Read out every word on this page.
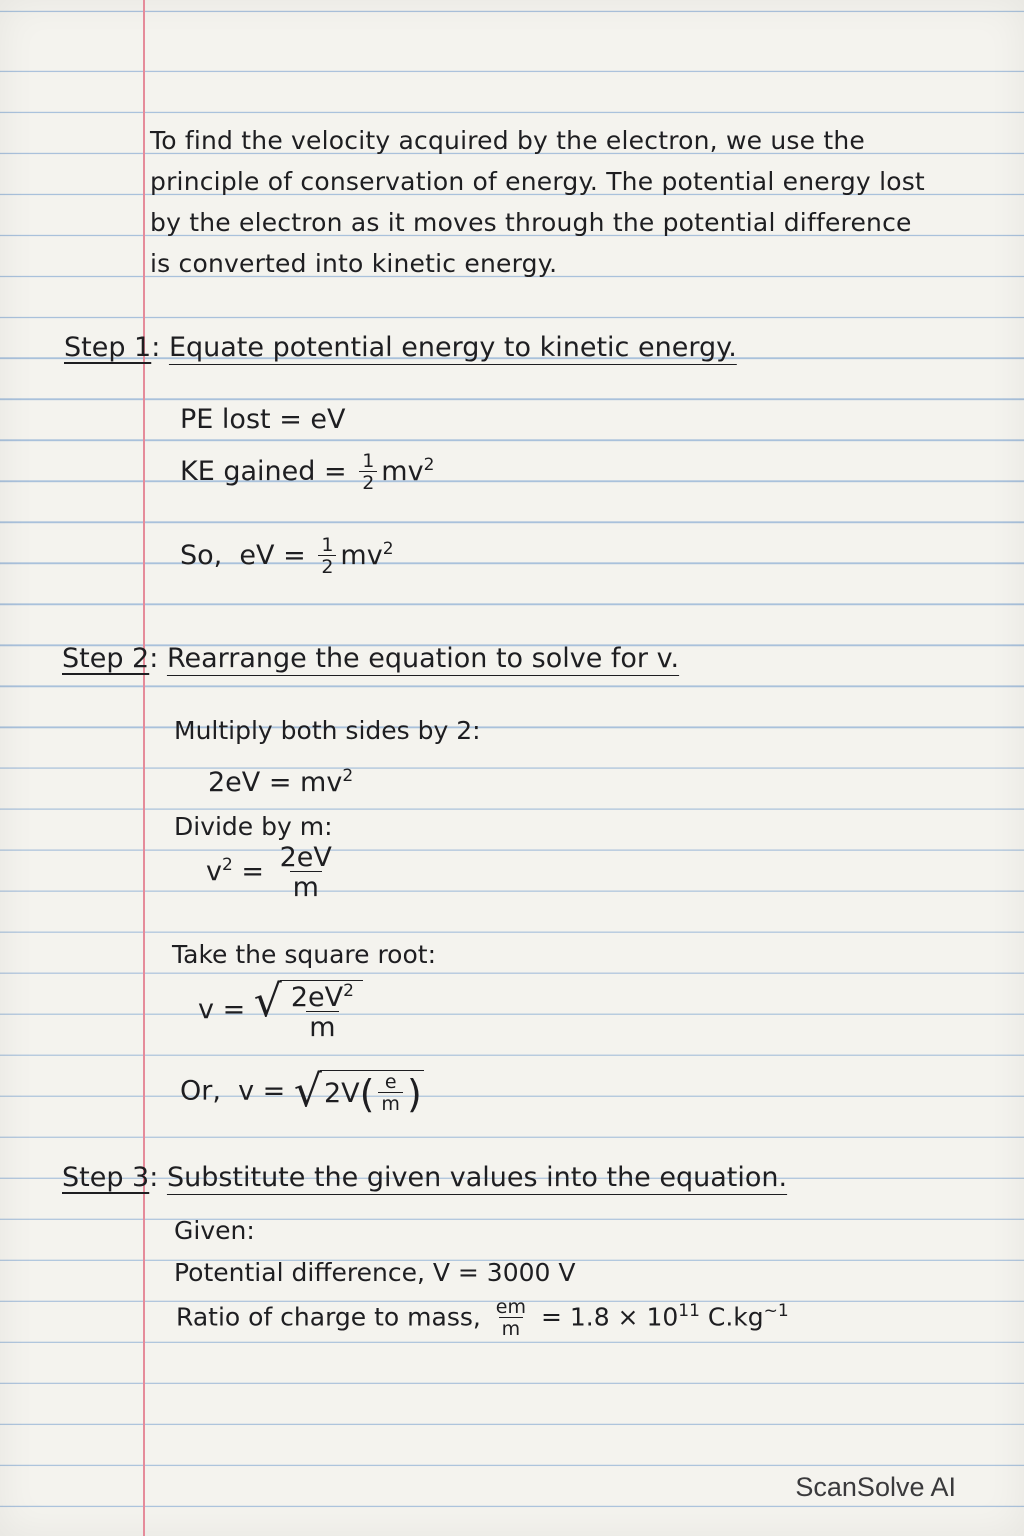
To find the velocity acquired by the electron, we use the
principle of conservation of energy. The potential energy lost
by the electron as it moves through the potential difference
is converted into kinetic energy.
Step 1: Equate potential energy to kinetic energy.
PE lost = eV
KE gained = $\frac{1}{2} mv^2$
So, eV = $\frac{1}{2} mv^2$
Step 2: Rearrange the equation to solve for v.
Multiply both sides by 2:
$2eV = mv^2$
Divide by m:
$v^2 = \frac{2eV}{m}$
Take the square root:
v = √ $\frac{2eV^2}{m}$
Or, v = √ 2V ( $\frac{e}{m}$ )
Step 3: Substitute the given values into the equation.
Given:
Potential difference, V = 3000 V
Ratio of charge to mass, $\frac{em}{m} = 1.8 \times 10^{11}$ $C.kg^{\sim 1}$
ScanSolve AI
